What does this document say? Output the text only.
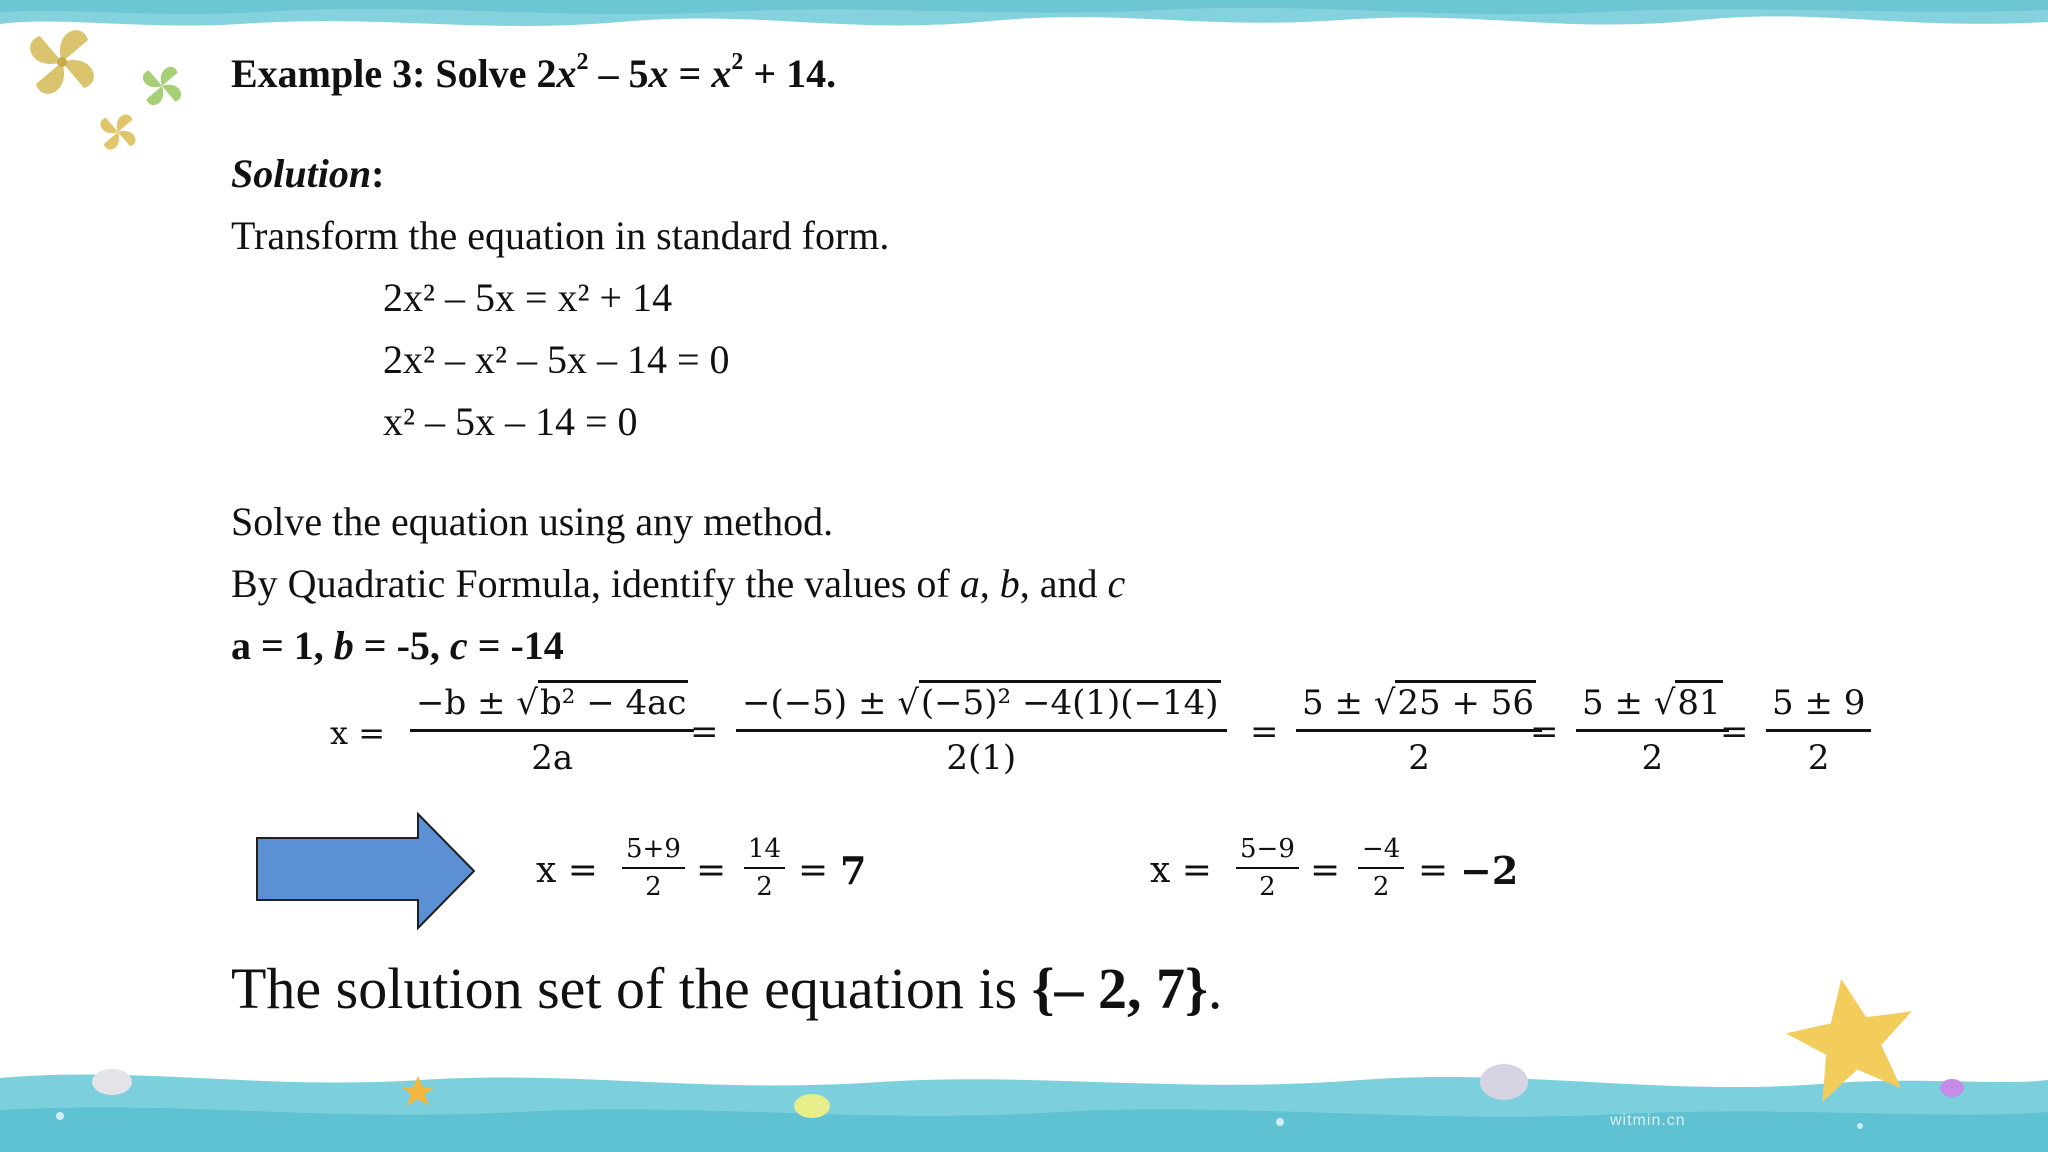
Example 3: Solve $2x^2 - 5x = x^2 + 14$.
Solution:
Transform the equation in standard form.
2x² – 5x = x² + 14
2x² – x² – 5x – 14 = 0
x² – 5x – 14 = 0
Solve the equation using any method.
By Quadratic Formula, identify the values of a, b, and c
a = 1, b = -5, c = -14
$x = \frac{\text{−b ± √b² − 4ac}}{2a}$
= $\frac{\text{−(−5) ± √(−5)² −4(1)(−14)}}{2(1)} = \frac{5 \pm √25 + 56}{2}$
= $\frac{5 \pm √81}{2}$
= $\frac{5 \pm 9}{2}$
$x = \frac{5+9}{2} = \frac{14}{2} = 7$	$x = \frac{5-9}{2} = \frac{-4}{2} = -2$
The solution set of the equation is {– 2, 7}.
witmin.cn
